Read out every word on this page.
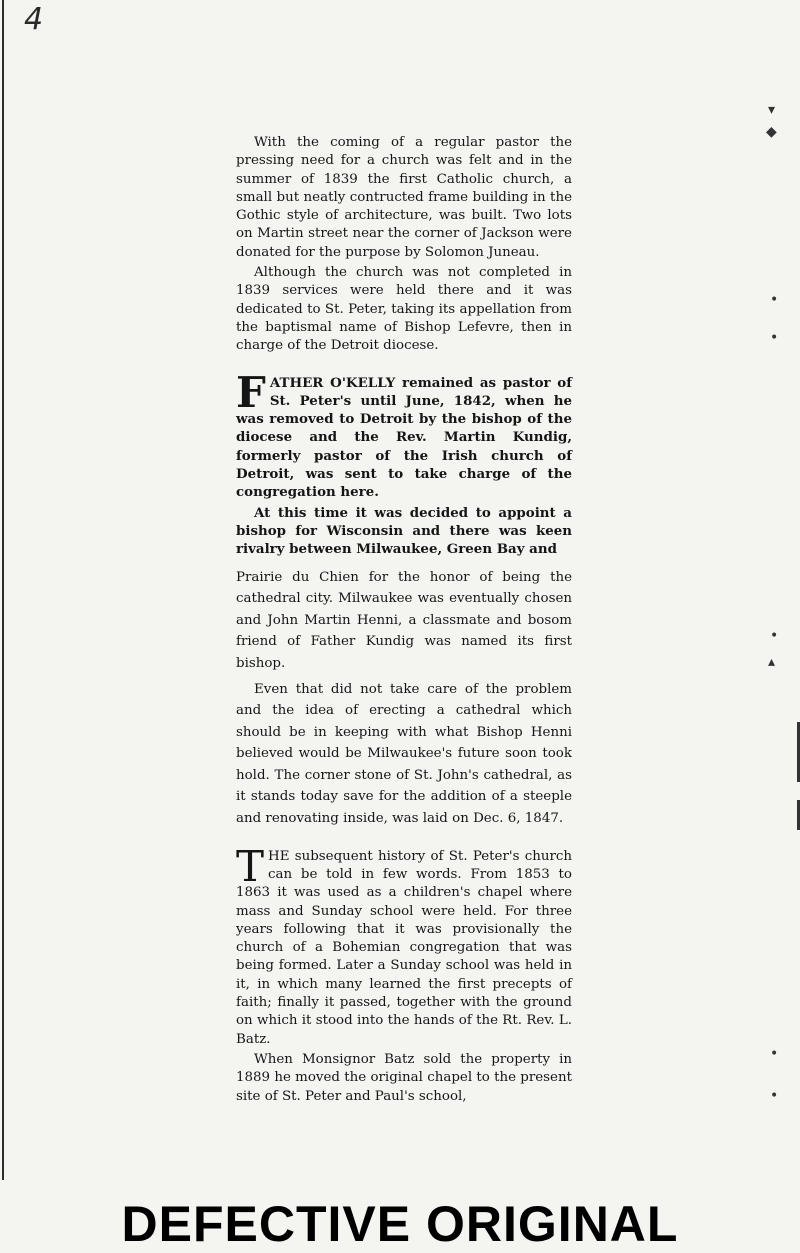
4

With the coming of a regular pastor the pressing need for a church was felt and in the summer of 1839 the first Catholic church, a small but neatly contructed frame building in the Gothic style of architecture, was built. Two lots on Martin street near the corner of Jackson were donated for the purpose by Solomon Juneau.

Although the church was not completed in 1839 services were held there and it was dedicated to St. Peter, taking its appellation from the baptismal name of Bishop Lefevre, then in charge of the Detroit diocese.

FATHER O'KELLY remained as pastor of St. Peter's until June, 1842, when he was removed to Detroit by the bishop of the diocese and the Rev. Martin Kundig, formerly pastor of the Irish church of Detroit, was sent to take charge of the congregation here.

At this time it was decided to appoint a bishop for Wisconsin and there was keen rivalry between Milwaukee, Green Bay and

Prairie du Chien for the honor of being the cathedral city. Milwaukee was eventually chosen and John Martin Henni, a classmate and bosom friend of Father Kundig was named its first bishop.

Even that did not take care of the problem and the idea of erecting a cathedral which should be in keeping with what Bishop Henni believed would be Milwaukee's future soon took hold. The corner stone of St. John's cathedral, as it stands today save for the addition of a steeple and renovating inside, was laid on Dec. 6, 1847.

THE subsequent history of St. Peter's church can be told in few words. From 1853 to 1863 it was used as a children's chapel where mass and Sunday school were held. For three years following that it was provisionally the church of a Bohemian congregation that was being formed. Later a Sunday school was held in it, in which many learned the first precepts of faith; finally it passed, together with the ground on which it stood into the hands of the Rt. Rev. L. Batz.

When Monsignor Batz sold the property in 1889 he moved the original chapel to the present site of St. Peter and Paul's school,

▾
◆
•
•
•
▴
•
•
DEFECTIVE ORIGINAL
